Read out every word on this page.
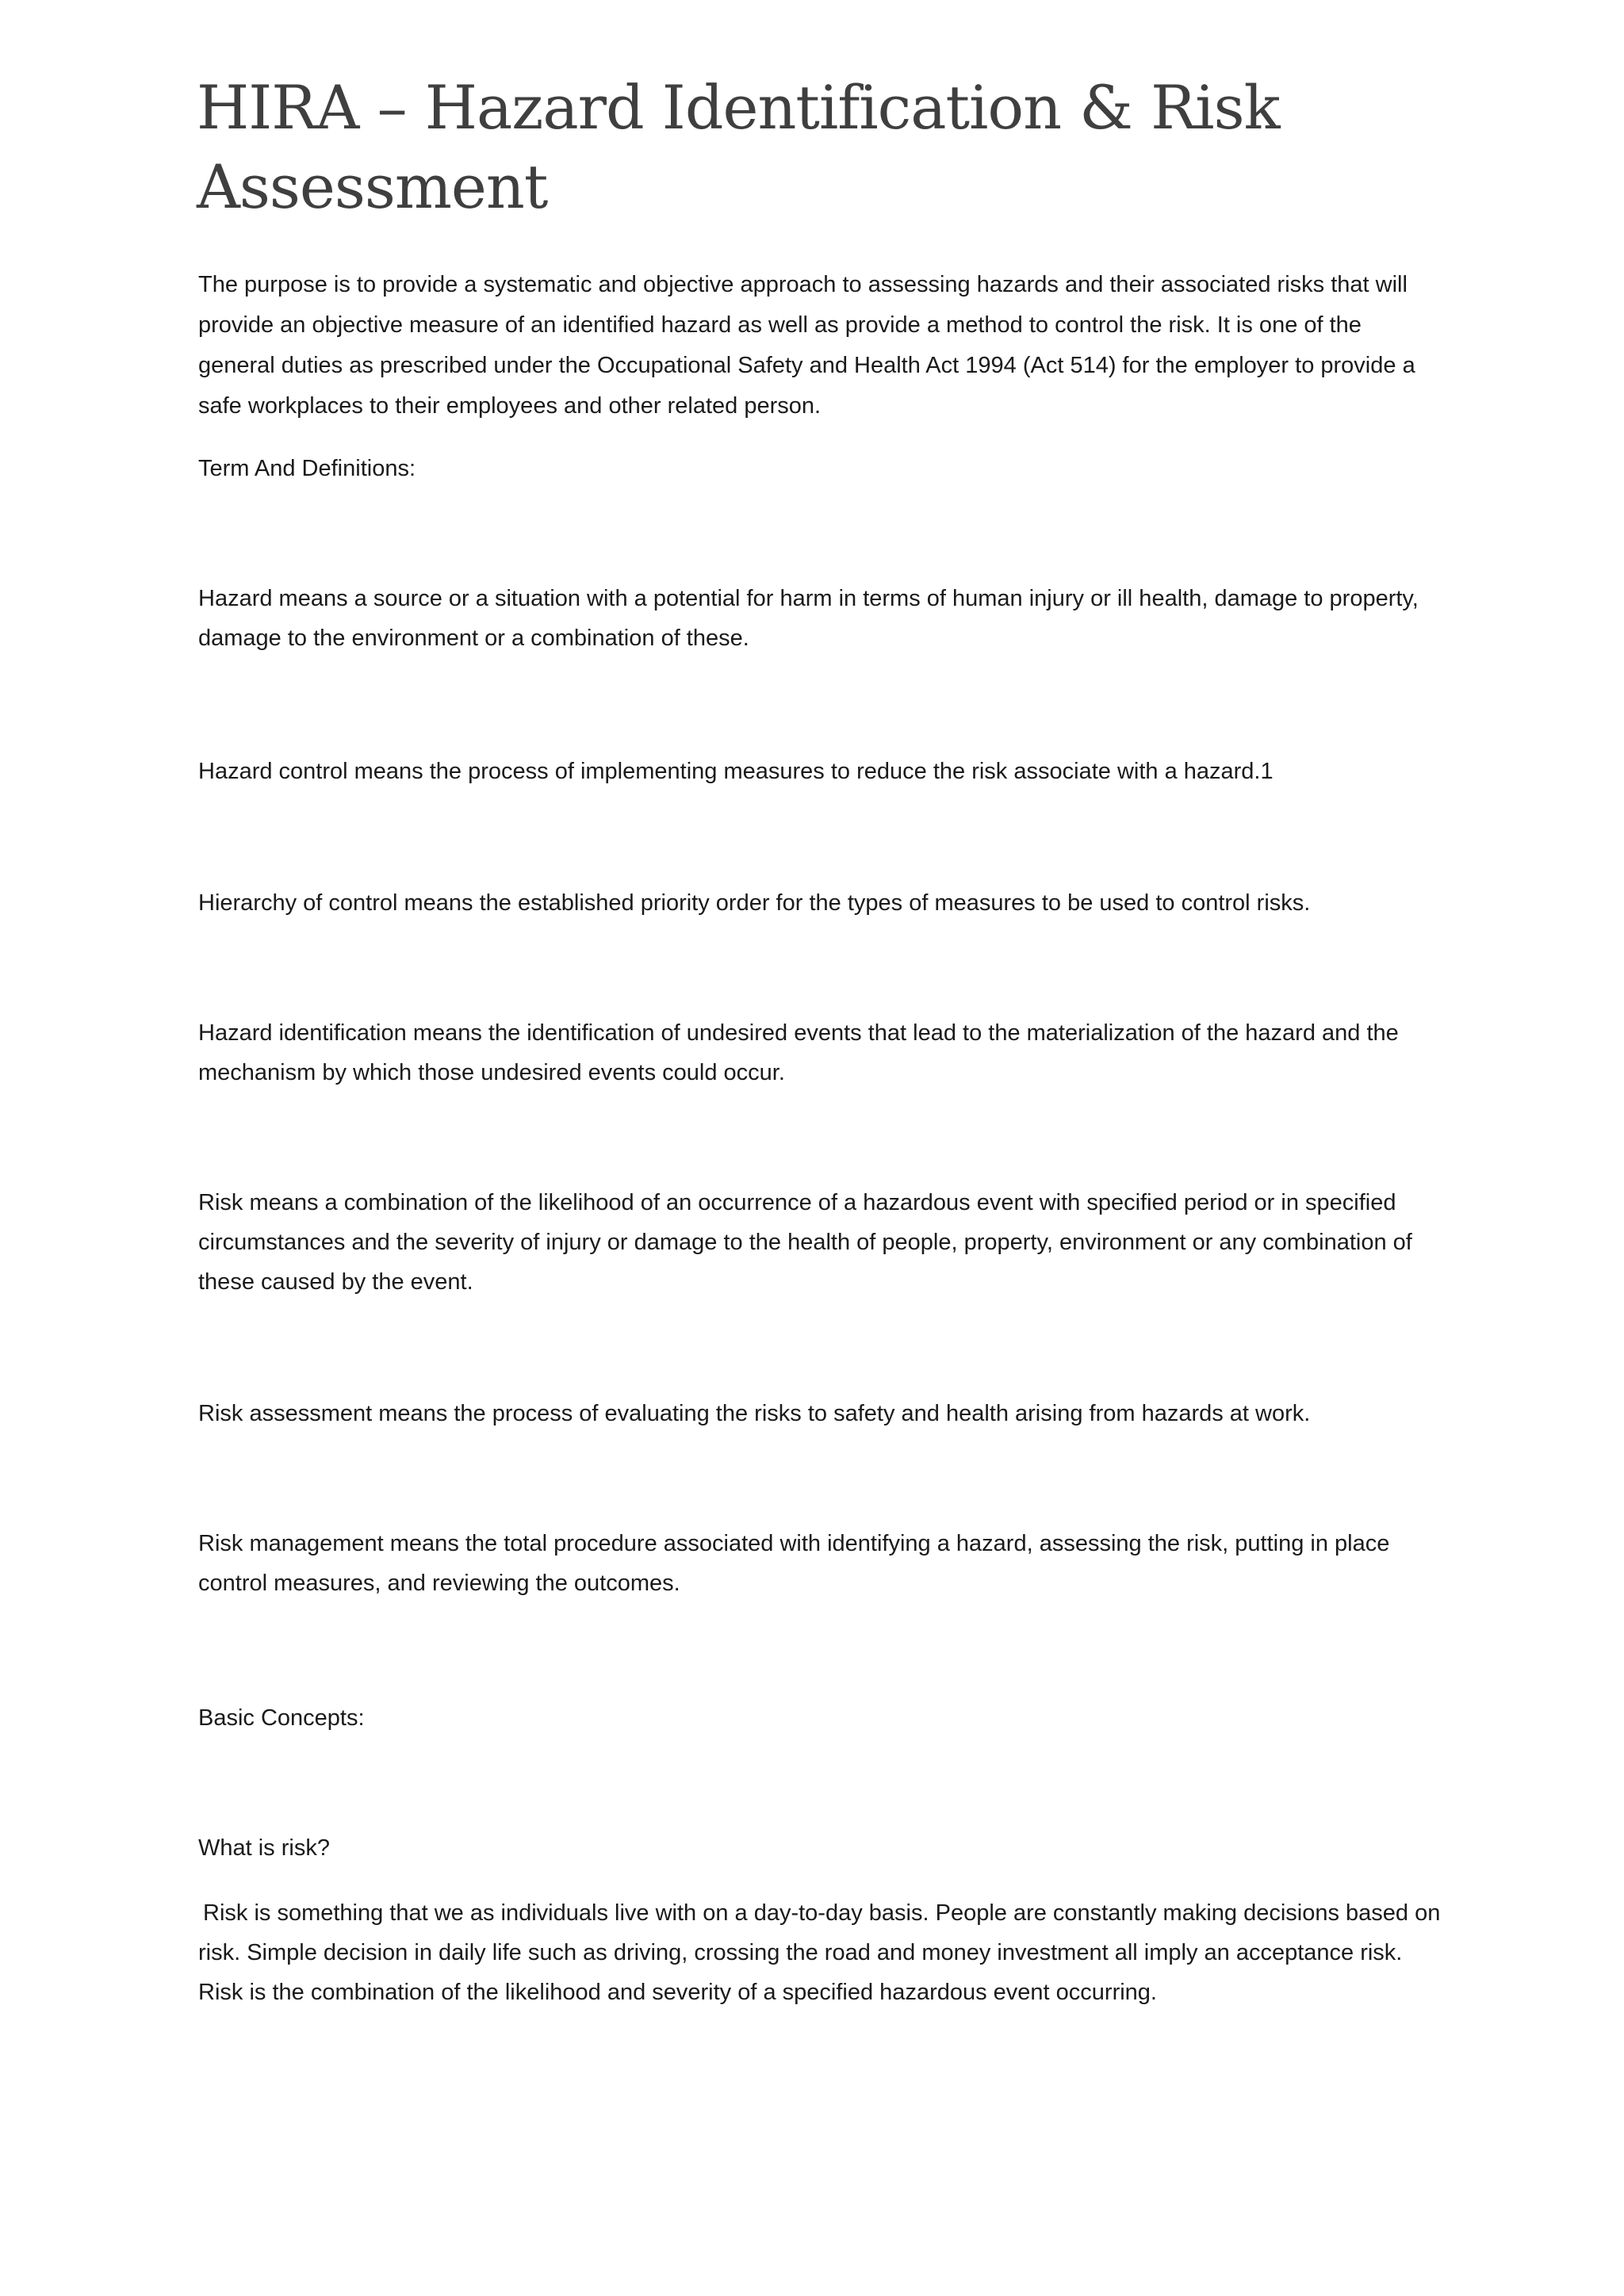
HIRA – Hazard Identification & Risk Assessment

The purpose is to provide a systematic and objective approach to assessing hazards and their associated risks that will provide an objective measure of an identified hazard as well as provide a method to control the risk. It is one of the general duties as prescribed under the Occupational Safety and Health Act 1994 (Act 514) for the employer to provide a safe workplaces to their employees and other related person.

Term And Definitions:

Hazard means a source or a situation with a potential for harm in terms of human injury or ill health, damage to property, damage to the environment or a combination of these.

Hazard control means the process of implementing measures to reduce the risk associate with a hazard.1

Hierarchy of control means the established priority order for the types of measures to be used to control risks.

Hazard identification means the identification of undesired events that lead to the materialization of the hazard and the mechanism by which those undesired events could occur.

Risk means a combination of the likelihood of an occurrence of a hazardous event with specified period or in specified circumstances and the severity of injury or damage to the health of people, property, environment or any combination of these caused by the event.

Risk assessment means the process of evaluating the risks to safety and health arising from hazards at work.

Risk management means the total procedure associated with identifying a hazard, assessing the risk, putting in place control measures, and reviewing the outcomes.

Basic Concepts:

What is risk?

Risk is something that we as individuals live with on a day-to-day basis. People are constantly making decisions based on risk. Simple decision in daily life such as driving, crossing the road and money investment all imply an acceptance risk. Risk is the combination of the likelihood and severity of a specified hazardous event occurring.
